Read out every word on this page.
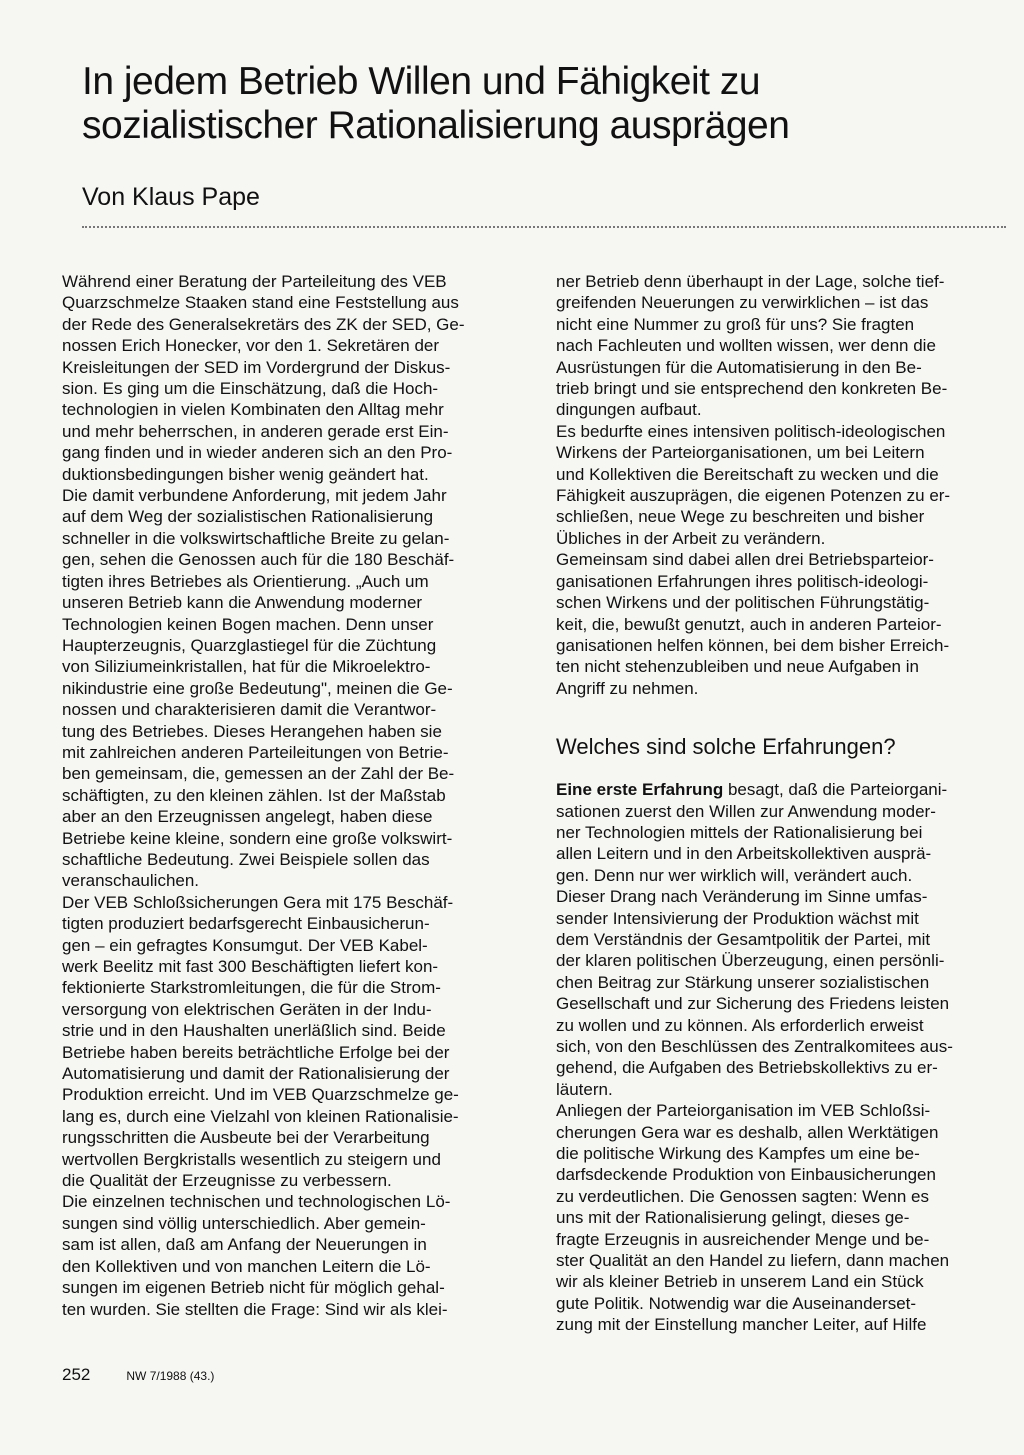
In jedem Betrieb Willen und Fähigkeit zu
sozialistischer Rationalisierung ausprägen

Von Klaus Pape

Während einer Beratung der Parteileitung des VEB
Quarzschmelze Staaken stand eine Feststellung aus
der Rede des Generalsekretärs des ZK der SED, Ge-
nossen Erich Honecker, vor den 1. Sekretären der
Kreisleitungen der SED im Vordergrund der Diskus-
sion. Es ging um die Einschätzung, daß die Hoch-
technologien in vielen Kombinaten den Alltag mehr
und mehr beherrschen, in anderen gerade erst Ein-
gang finden und in wieder anderen sich an den Pro-
duktionsbedingungen bisher wenig geändert hat.
Die damit verbundene Anforderung, mit jedem Jahr
auf dem Weg der sozialistischen Rationalisierung
schneller in die volkswirtschaftliche Breite zu gelan-
gen, sehen die Genossen auch für die 180 Beschäf-
tigten ihres Betriebes als Orientierung. „Auch um
unseren Betrieb kann die Anwendung moderner
Technologien keinen Bogen machen. Denn unser
Haupterzeugnis, Quarzglastiegel für die Züchtung
von Siliziumeinkristallen, hat für die Mikroelektro-
nikindustrie eine große Bedeutung", meinen die Ge-
nossen und charakterisieren damit die Verantwor-
tung des Betriebes. Dieses Herangehen haben sie
mit zahlreichen anderen Parteileitungen von Betrie-
ben gemeinsam, die, gemessen an der Zahl der Be-
schäftigten, zu den kleinen zählen. Ist der Maßstab
aber an den Erzeugnissen angelegt, haben diese
Betriebe keine kleine, sondern eine große volkswirt-
schaftliche Bedeutung. Zwei Beispiele sollen das
veranschaulichen.
Der VEB Schloßsicherungen Gera mit 175 Beschäf-
tigten produziert bedarfsgerecht Einbausicherun-
gen – ein gefragtes Konsumgut. Der VEB Kabel-
werk Beelitz mit fast 300 Beschäftigten liefert kon-
fektionierte Starkstromleitungen, die für die Strom-
versorgung von elektrischen Geräten in der Indu-
strie und in den Haushalten unerläßlich sind. Beide
Betriebe haben bereits beträchtliche Erfolge bei der
Automatisierung und damit der Rationalisierung der
Produktion erreicht. Und im VEB Quarzschmelze ge-
lang es, durch eine Vielzahl von kleinen Rationalisie-
rungsschritten die Ausbeute bei der Verarbeitung
wertvollen Bergkristalls wesentlich zu steigern und
die Qualität der Erzeugnisse zu verbessern.
Die einzelnen technischen und technologischen Lö-
sungen sind völlig unterschiedlich. Aber gemein-
sam ist allen, daß am Anfang der Neuerungen in
den Kollektiven und von manchen Leitern die Lö-
sungen im eigenen Betrieb nicht für möglich gehal-
ten wurden. Sie stellten die Frage: Sind wir als klei-
ner Betrieb denn überhaupt in der Lage, solche tief-
greifenden Neuerungen zu verwirklichen – ist das
nicht eine Nummer zu groß für uns? Sie fragten
nach Fachleuten und wollten wissen, wer denn die
Ausrüstungen für die Automatisierung in den Be-
trieb bringt und sie entsprechend den konkreten Be-
dingungen aufbaut.
Es bedurfte eines intensiven politisch-ideologischen
Wirkens der Parteiorganisationen, um bei Leitern
und Kollektiven die Bereitschaft zu wecken und die
Fähigkeit auszuprägen, die eigenen Potenzen zu er-
schließen, neue Wege zu beschreiten und bisher
Übliches in der Arbeit zu verändern.
Gemeinsam sind dabei allen drei Betriebsparteior-
ganisationen Erfahrungen ihres politisch-ideologi-
schen Wirkens und der politischen Führungstätig-
keit, die, bewußt genutzt, auch in anderen Parteior-
ganisationen helfen können, bei dem bisher Erreich-
ten nicht stehenzubleiben und neue Aufgaben in
Angriff zu nehmen.
Welches sind solche Erfahrungen?
Eine erste Erfahrung besagt, daß die Parteiorgani-
sationen zuerst den Willen zur Anwendung moder-
ner Technologien mittels der Rationalisierung bei
allen Leitern und in den Arbeitskollektiven ausprä-
gen. Denn nur wer wirklich will, verändert auch.
Dieser Drang nach Veränderung im Sinne umfas-
sender Intensivierung der Produktion wächst mit
dem Verständnis der Gesamtpolitik der Partei, mit
der klaren politischen Überzeugung, einen persönli-
chen Beitrag zur Stärkung unserer sozialistischen
Gesellschaft und zur Sicherung des Friedens leisten
zu wollen und zu können. Als erforderlich erweist
sich, von den Beschlüssen des Zentralkomitees aus-
gehend, die Aufgaben des Betriebskollektivs zu er-
läutern.
Anliegen der Parteiorganisation im VEB Schloßsi-
cherungen Gera war es deshalb, allen Werktätigen
die politische Wirkung des Kampfes um eine be-
darfsdeckende Produktion von Einbausicherungen
zu verdeutlichen. Die Genossen sagten: Wenn es
uns mit der Rationalisierung gelingt, dieses ge-
fragte Erzeugnis in ausreichender Menge und be-
ster Qualität an den Handel zu liefern, dann machen
wir als kleiner Betrieb in unserem Land ein Stück
gute Politik. Notwendig war die Auseinanderset-
zung mit der Einstellung mancher Leiter, auf Hilfe
252	NW 7/1988 (43.)
